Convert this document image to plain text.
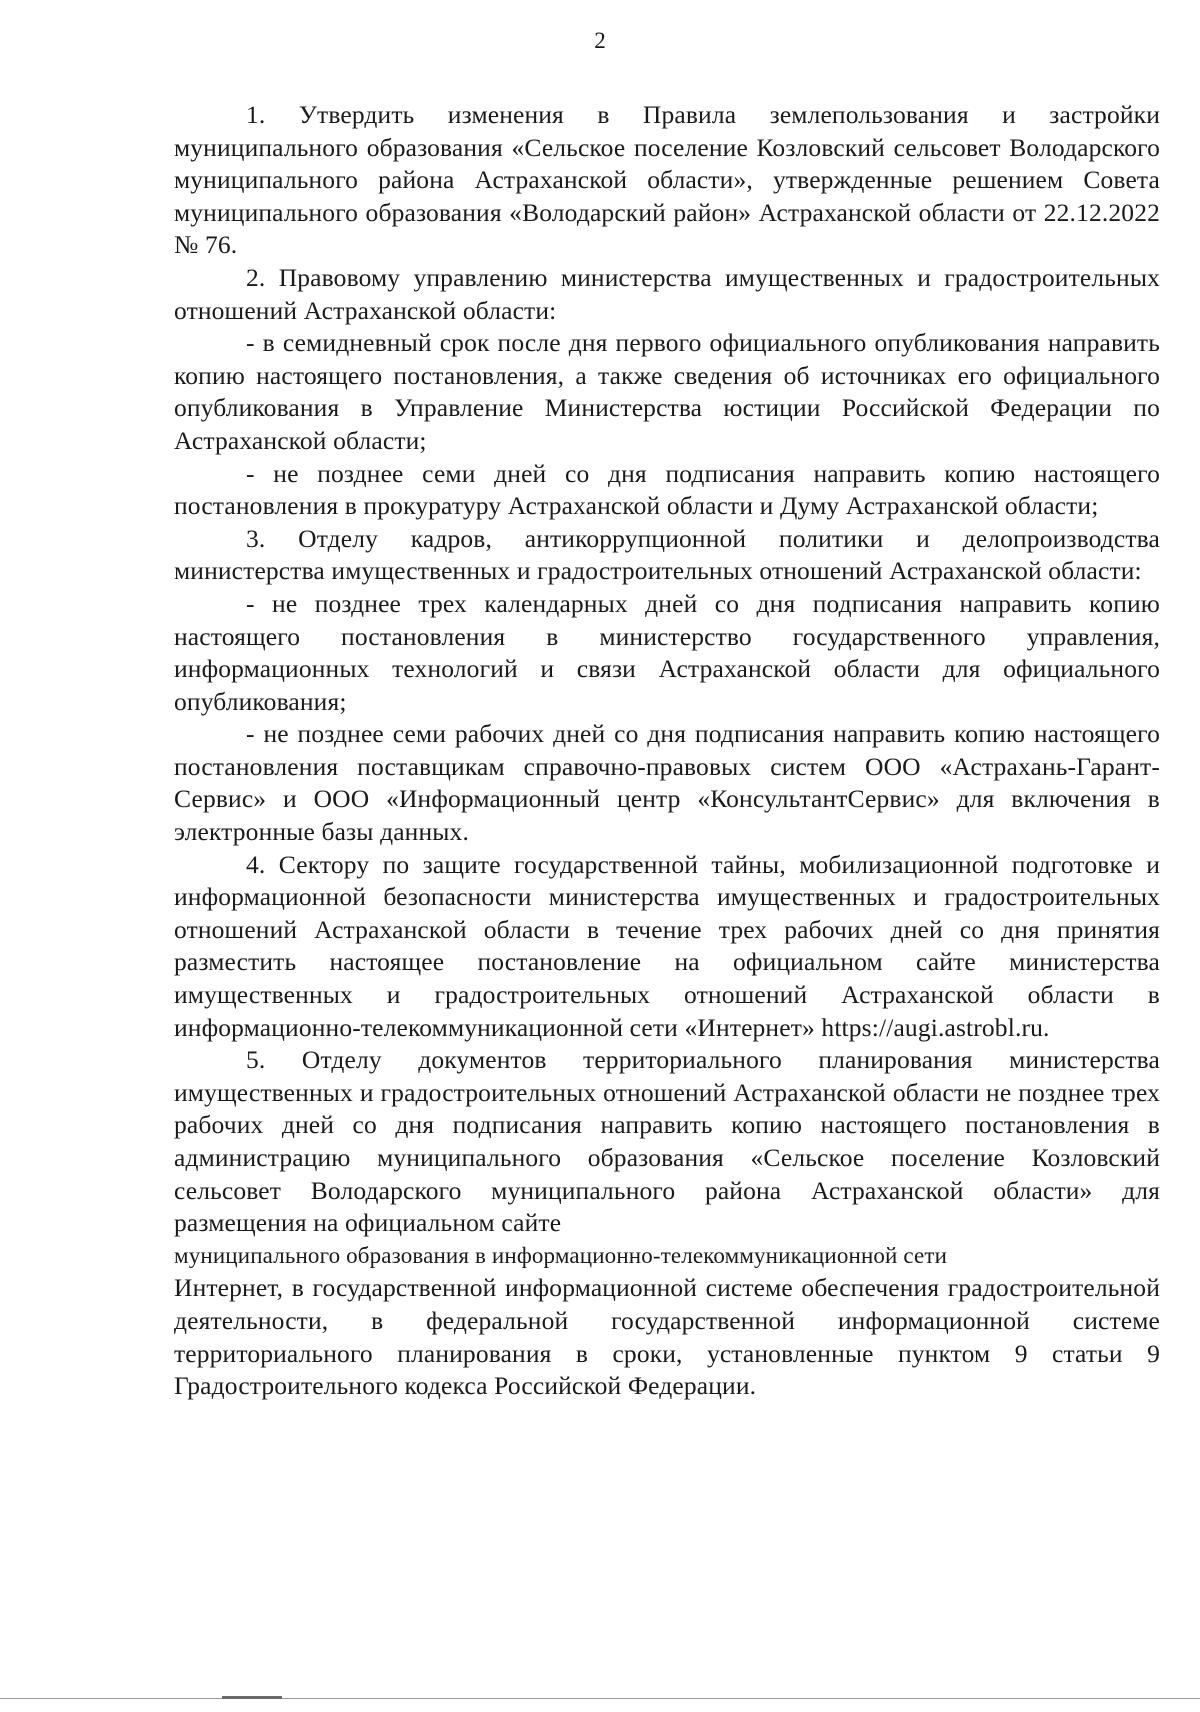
2

1. Утвердить изменения в Правила землепользования и застройки муниципального образования «Сельское поселение Козловский сельсовет Володарского муниципального района Астраханской области», утвержденные решением Совета муниципального образования «Володарский район» Астраханской области от 22.12.2022 № 76.

2. Правовому управлению министерства имущественных и градостроительных отношений Астраханской области:

- в семидневный срок после дня первого официального опубликования направить копию настоящего постановления, а также сведения об источниках его официального опубликования в Управление Министерства юстиции Российской Федерации по Астраханской области;

- не позднее семи дней со дня подписания направить копию настоящего постановления в прокуратуру Астраханской области и Думу Астраханской области;

3. Отделу кадров, антикоррупционной политики и делопроизводства министерства имущественных и градостроительных отношений Астраханской области:

- не позднее трех календарных дней со дня подписания направить копию настоящего постановления в министерство государственного управления, информационных технологий и связи Астраханской области для официального опубликования;

- не позднее семи рабочих дней со дня подписания направить копию настоящего постановления поставщикам справочно-правовых систем ООО «Астрахань-Гарант-Сервис» и ООО «Информационный центр «КонсультантСервис» для включения в электронные базы данных.

4. Сектору по защите государственной тайны, мобилизационной подготовке и информационной безопасности министерства имущественных и градостроительных отношений Астраханской области в течение трех рабочих дней со дня принятия разместить настоящее постановление на официальном сайте министерства имущественных и градостроительных отношений Астраханской области в информационно-телекоммуникационной сети «Интернет» https://augi.astrobl.ru.

5. Отделу документов территориального планирования министерства имущественных и градостроительных отношений Астраханской области не позднее трех рабочих дней со дня подписания направить копию настоящего постановления в администрацию муниципального образования «Сельское поселение Козловский сельсовет Володарского муниципального района Астраханской области» для размещения на официальном сайте

муниципального образования в информационно-телекоммуникационной сети

Интернет, в государственной информационной системе обеспечения градостроительной деятельности, в федеральной государственной информационной системе территориального планирования в сроки, установленные пунктом 9 статьи 9 Градостроительного кодекса Российской Федерации.
